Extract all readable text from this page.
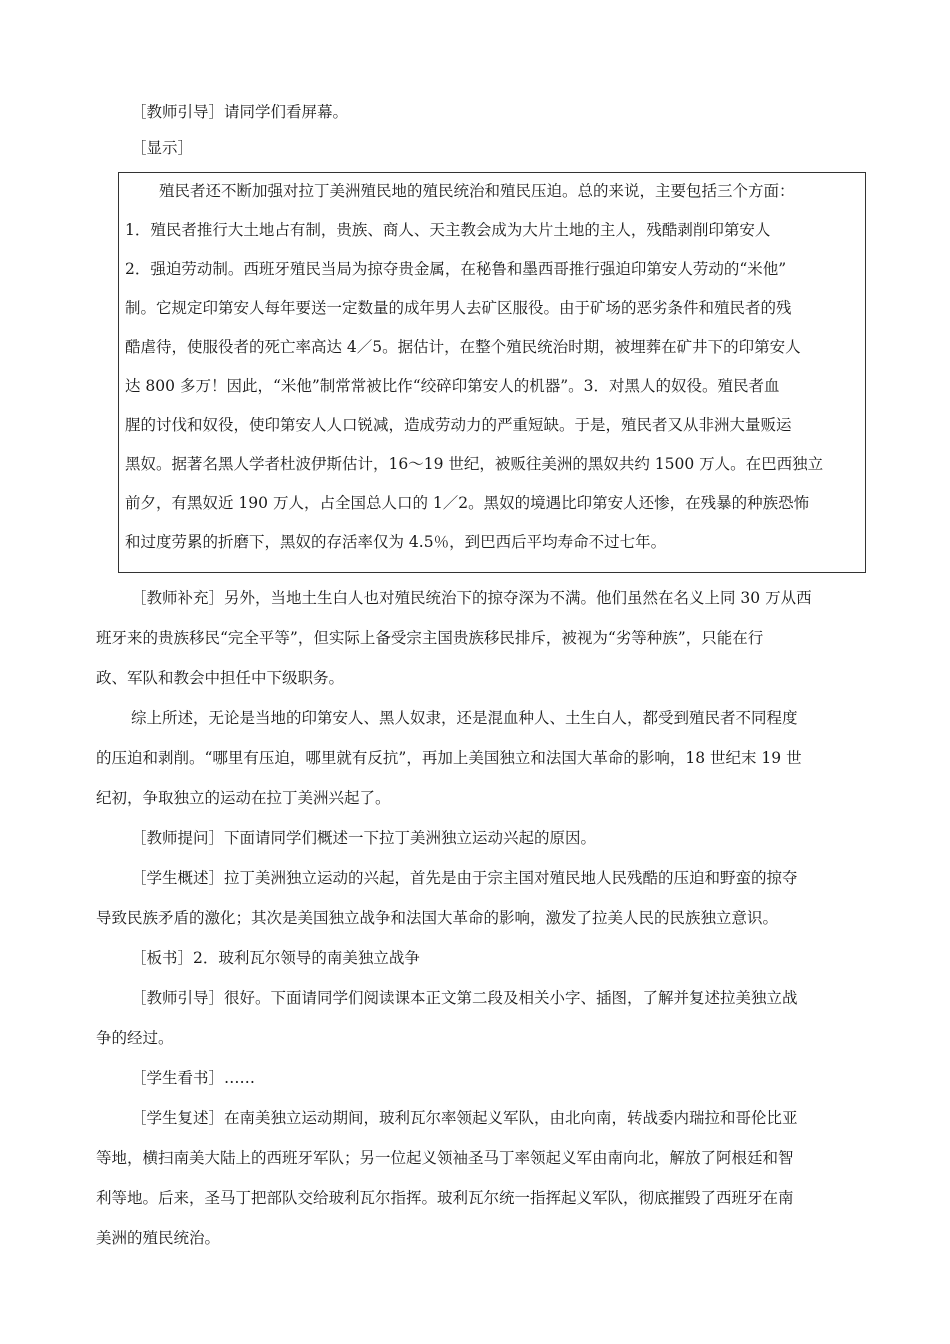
［教师引导］请同学们看屏幕。
［显示］
殖民者还不断加强对拉丁美洲殖民地的殖民统治和殖民压迫。总的来说，主要包括三个方面：
1．殖民者推行大土地占有制，贵族、商人、天主教会成为大片土地的主人，残酷剥削印第安人
2．强迫劳动制。西班牙殖民当局为掠夺贵金属，在秘鲁和墨西哥推行强迫印第安人劳动的“米他”
制。它规定印第安人每年要送一定数量的成年男人去矿区服役。由于矿场的恶劣条件和殖民者的残
酷虐待，使服役者的死亡率高达 4／5。据估计，在整个殖民统治时期，被埋葬在矿井下的印第安人
达 800 多万！因此，“米他”制常常被比作“绞碎印第安人的机器”。3．对黑人的奴役。殖民者血
腥的讨伐和奴役，使印第安人人口锐减，造成劳动力的严重短缺。于是，殖民者又从非洲大量贩运
黑奴。据著名黑人学者杜波伊斯估计，16～19 世纪，被贩往美洲的黑奴共约 1500 万人。在巴西独立
前夕，有黑奴近 190 万人，占全国总人口的 1／2。黑奴的境遇比印第安人还惨，在残暴的种族恐怖
和过度劳累的折磨下，黑奴的存活率仅为 4.5％，到巴西后平均寿命不过七年。
［教师补充］另外，当地土生白人也对殖民统治下的掠夺深为不满。他们虽然在名义上同 30 万从西
班牙来的贵族移民“完全平等”，但实际上备受宗主国贵族移民排斥，被视为“劣等种族”，只能在行
政、军队和教会中担任中下级职务。
综上所述，无论是当地的印第安人、黑人奴隶，还是混血种人、土生白人，都受到殖民者不同程度
的压迫和剥削。“哪里有压迫，哪里就有反抗”，再加上美国独立和法国大革命的影响，18 世纪末 19 世
纪初，争取独立的运动在拉丁美洲兴起了。
［教师提问］下面请同学们概述一下拉丁美洲独立运动兴起的原因。
［学生概述］拉丁美洲独立运动的兴起，首先是由于宗主国对殖民地人民残酷的压迫和野蛮的掠夺
导致民族矛盾的激化；其次是美国独立战争和法国大革命的影响，激发了拉美人民的民族独立意识。
［板书］2．玻利瓦尔领导的南美独立战争
［教师引导］很好。下面请同学们阅读课本正文第二段及相关小字、插图，了解并复述拉美独立战
争的经过。
［学生看书］……
［学生复述］在南美独立运动期间，玻利瓦尔率领起义军队，由北向南，转战委内瑞拉和哥伦比亚
等地，横扫南美大陆上的西班牙军队；另一位起义领袖圣马丁率领起义军由南向北，解放了阿根廷和智
利等地。后来，圣马丁把部队交给玻利瓦尔指挥。玻利瓦尔统一指挥起义军队，彻底摧毁了西班牙在南
美洲的殖民统治。
